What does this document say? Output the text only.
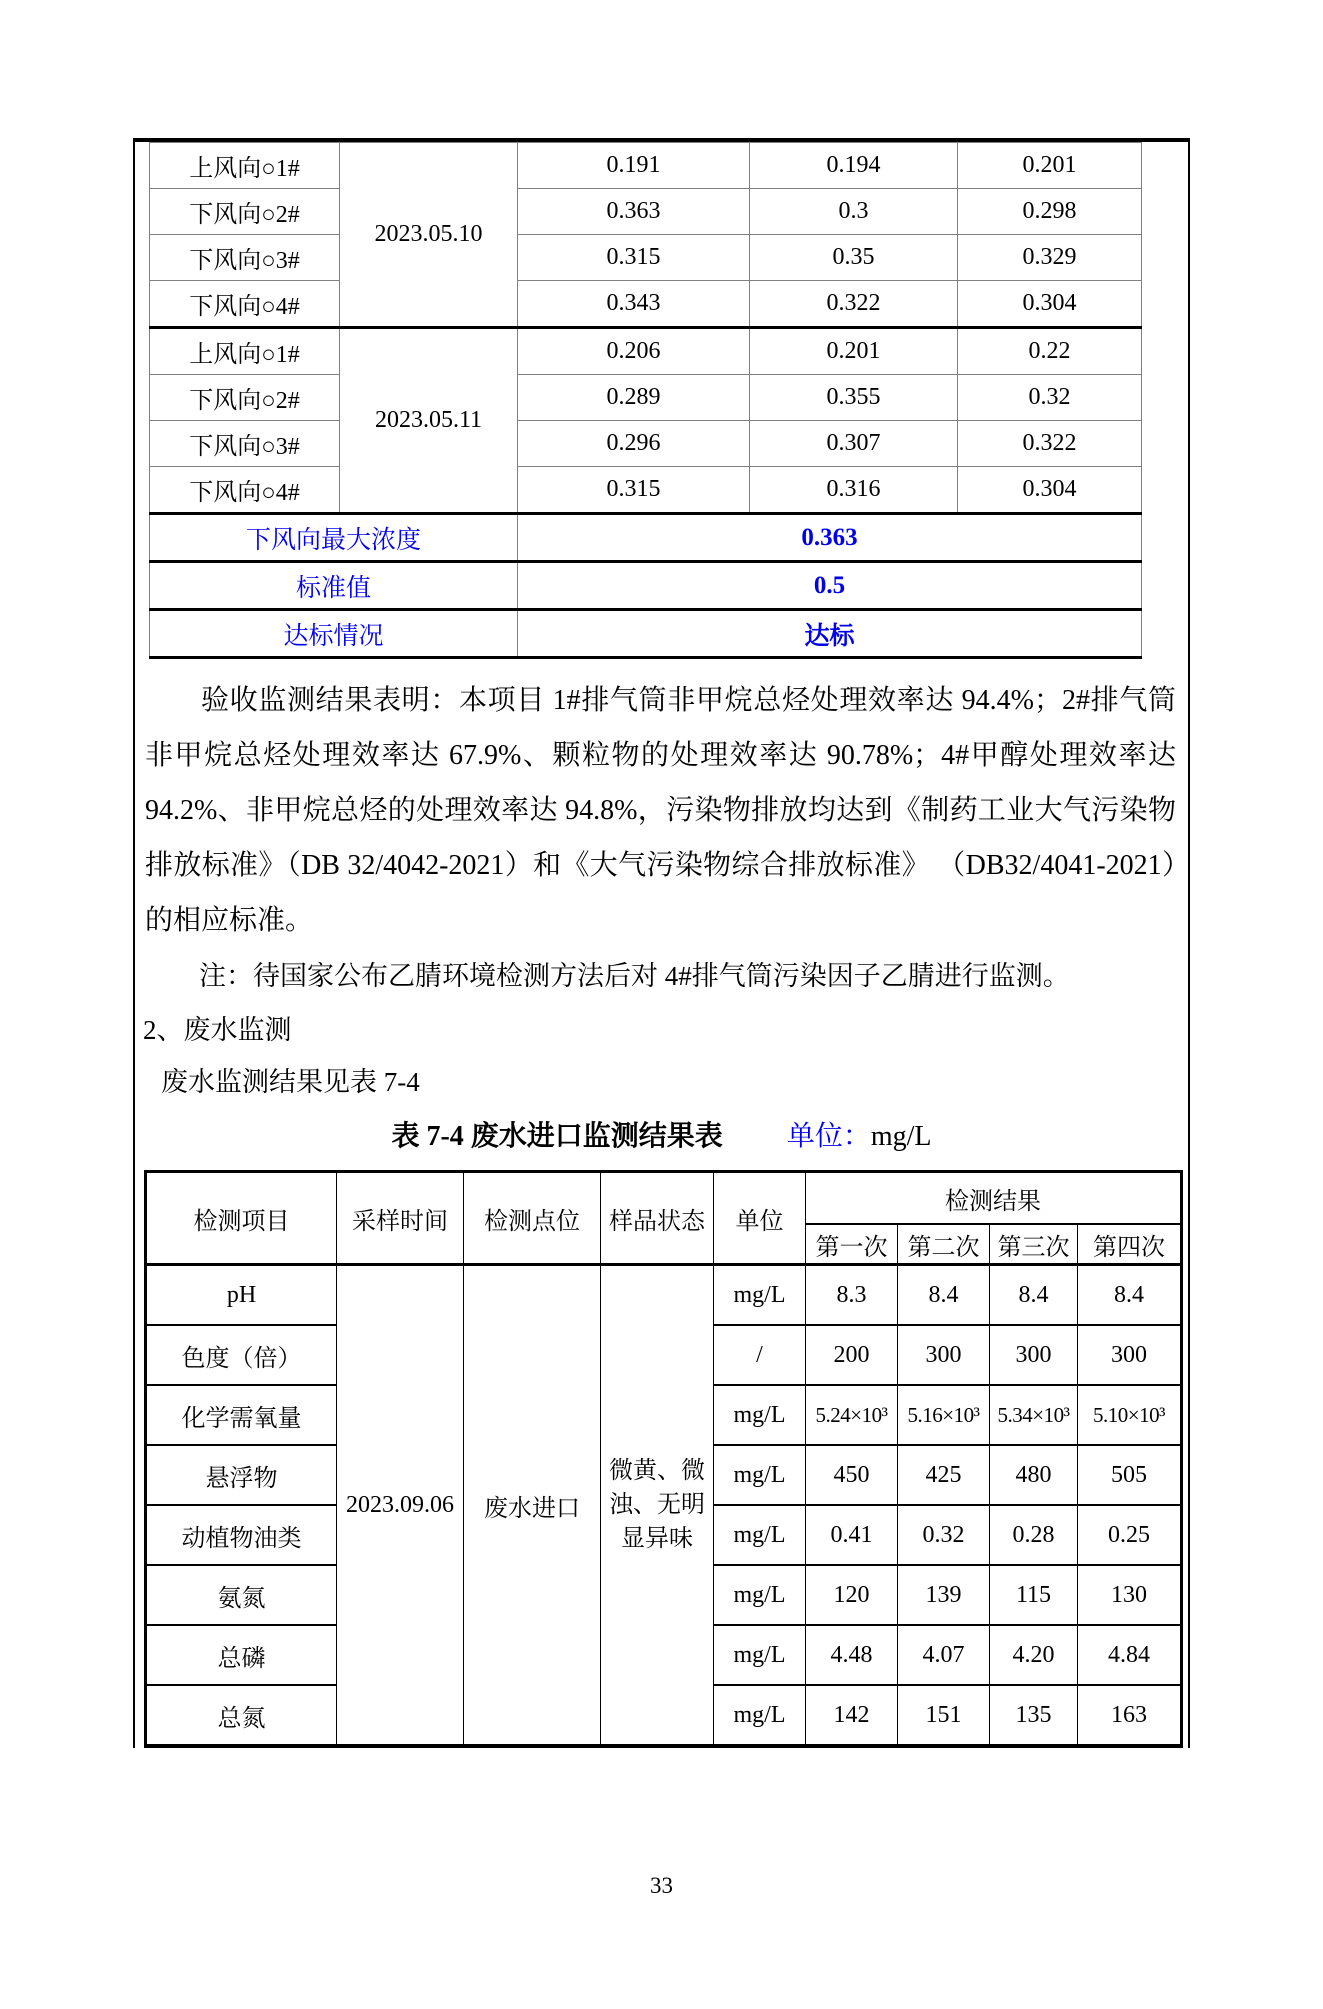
上风向○1#	2023.05.10	0.191	0.194	0.201
下风向○2#		0.363	0.3	0.298
下风向○3#		0.315	0.35	0.329
下风向○4#		0.343	0.322	0.304
上风向○1#	2023.05.11	0.206	0.201	0.22
下风向○2#		0.289	0.355	0.32
下风向○3#		0.296	0.307	0.322
下风向○4#		0.315	0.316	0.304
下风向最大浓度		0.363		
标准值		0.5		
达标情况		达标		
验收监测结果表明：本项目 1#排气筒非甲烷总烃处理效率达 94.4%；2#排气筒非甲烷总烃处理效率达 67.9%、颗粒物的处理效率达 90.78%；4#甲醇处理效率达 94.2%、非甲烷总烃的处理效率达 94.8%，污染物排放均达到《制药工业大气污染物排放标准》（DB 32/4042-2021）和《大气污染物综合排放标准》 （DB32/4041-2021）的相应标准。
注：待国家公布乙腈环境检测方法后对 4#排气筒污染因子乙腈进行监测。
2、废水监测
废水监测结果见表 7-4
表 7-4 废水进口监测结果表 单位：mg/L
检测项目	采样时间	检测点位	样品状态	单位	检测结果			
					第一次	第二次	第三次	第四次
pH	2023.09.06	废水进口	微黄、微浊、无明显异味	mg/L	8.3	8.4	8.4	8.4
色度（倍）				/	200	300	300	300
化学需氧量				mg/L	5.24×10³	5.16×10³	5.34×10³	5.10×10³
悬浮物				mg/L	450	425	480	505
动植物油类				mg/L	0.41	0.32	0.28	0.25
氨氮				mg/L	120	139	115	130
总磷				mg/L	4.48	4.07	4.20	4.84
总氮				mg/L	142	151	135	163
33
